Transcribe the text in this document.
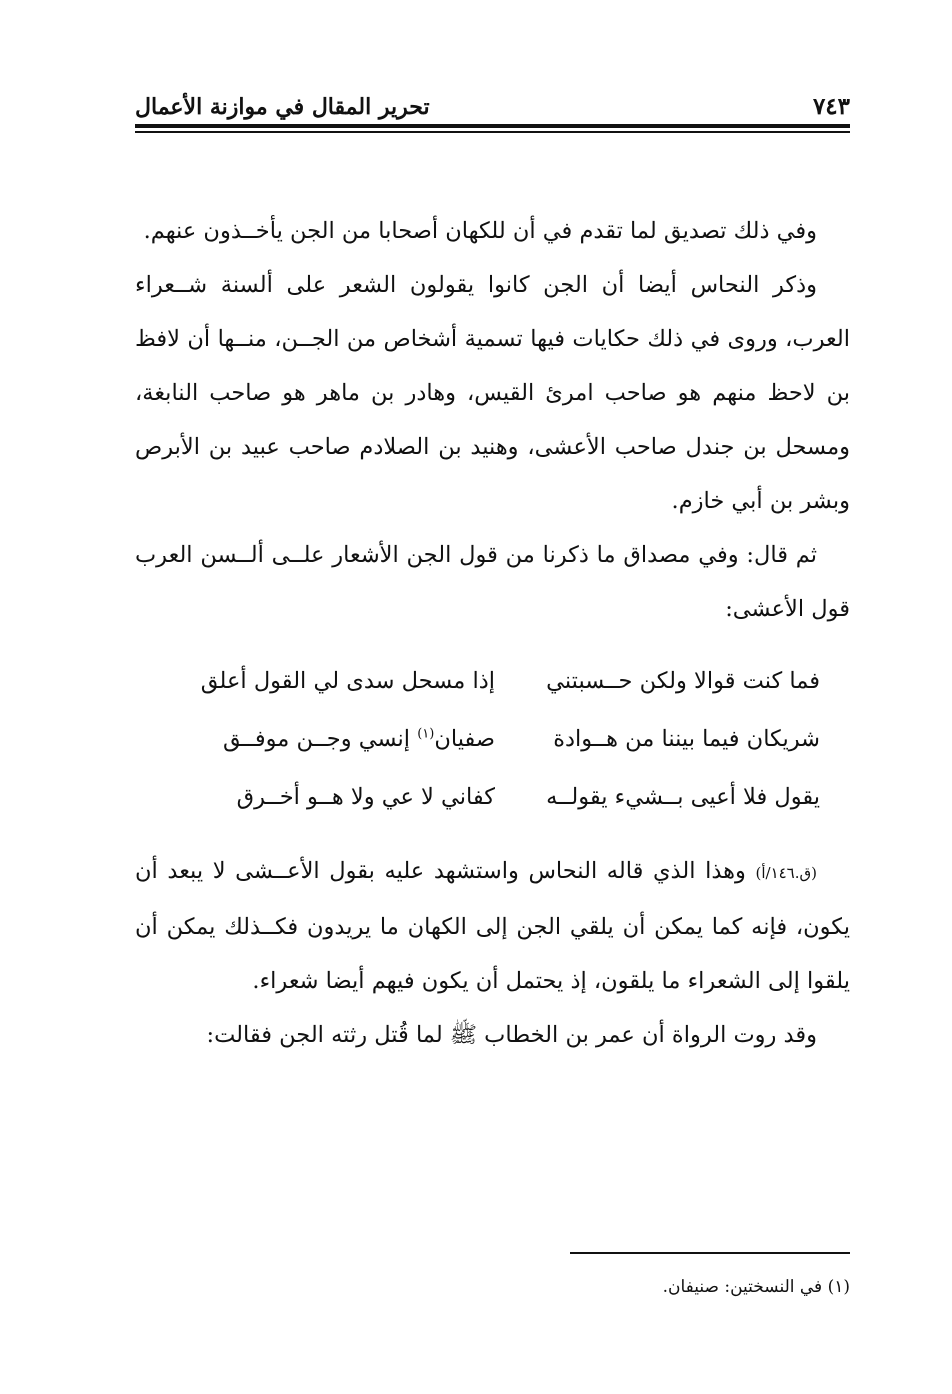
٧٤٣
تحرير المقال في موازنة الأعمال

وفي ذلك تصديق لما تقدم في أن للكهان أصحابا من الجن يأخــذون عنهم.

وذكر النحاس أيضا أن الجن كانوا يقولون الشعر على ألسنة شــعراء العرب، وروى في ذلك حكايات فيها تسمية أشخاص من الجــن، منــها أن لافظ بن لاحظ منهم هو صاحب امرئ القيس، وهادر بن ماهر هو صاحب النابغة، ومسحل بن جندل صاحب الأعشى، وهنيد بن الصلادم صاحب عبيد بن الأبرص وبشر بن أبي خازم.

ثم قال: وفي مصداق ما ذكرنا من قول الجن الأشعار علــى ألــسن العرب قول الأعشى:

فما كنت قوالا ولكن حــسبتني
إذا مسحل سدى لي القول أعلق
شريكان فيما بيننا من هــوادة
صفيان$^{(١)}$ إنسي وجــن موفــق
يقول فلا أعيى بــشيء يقولــه
كفاني لا عي ولا هــو أخــرق

(ق.١٤٦/أ) وهذا الذي قاله النحاس واستشهد عليه بقول الأعــشى لا يبعد أن يكون، فإنه كما يمكن أن يلقي الجن إلى الكهان ما يريدون فكــذلك يمكن أن يلقوا إلى الشعراء ما يلقون، إذ يحتمل أن يكون فيهم أيضا شعراء.

وقد روت الرواة أن عمر بن الخطاب ﷺ لما قُتل رثته الجن فقالت:

(١) في النسختين: صنيفان.
